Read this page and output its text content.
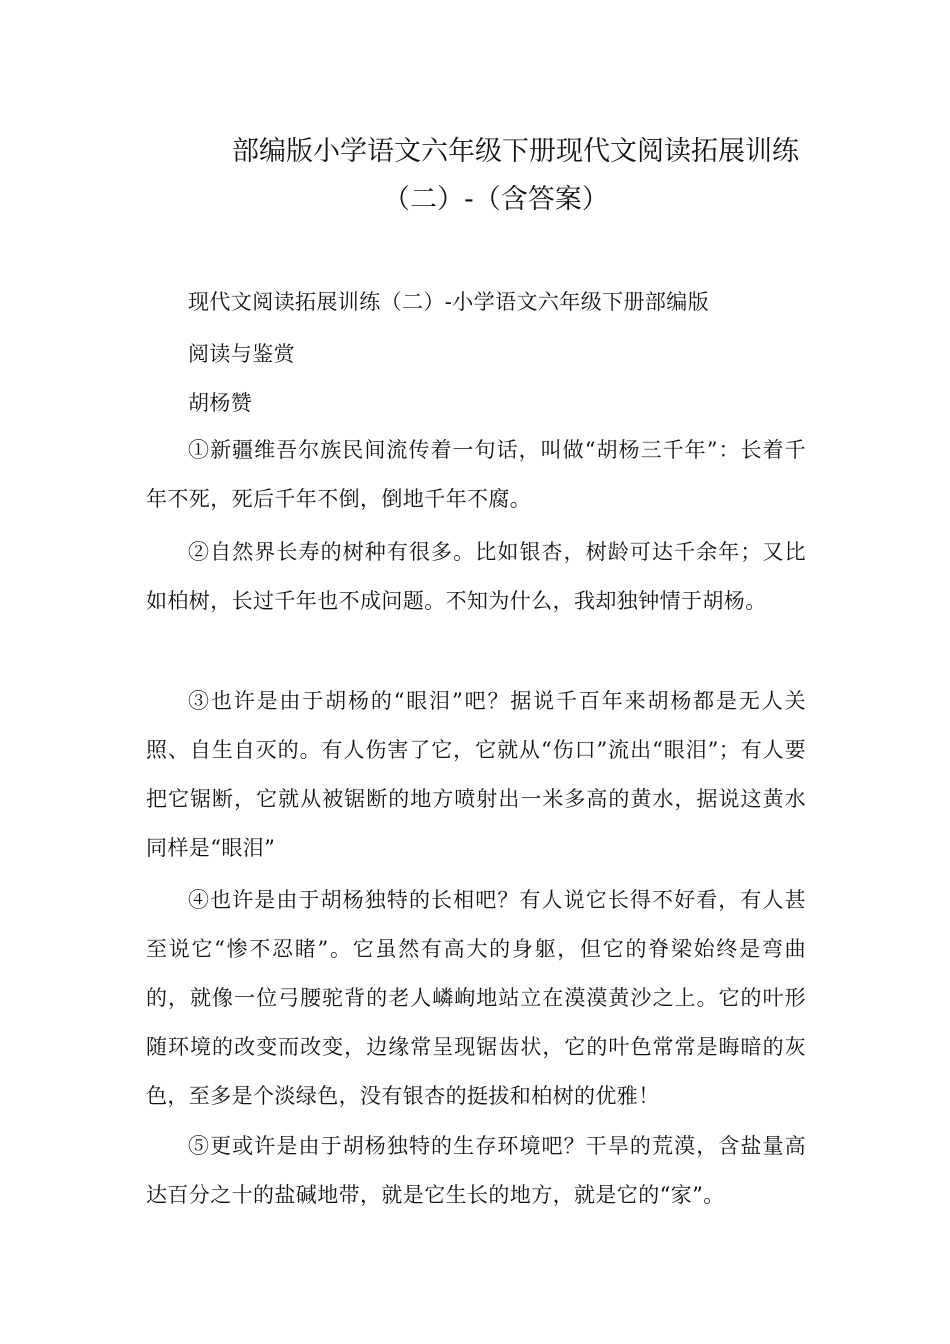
部编版小学语文六年级下册现代文阅读拓展训练
（二）-（含答案）
现代文阅读拓展训练（二）-小学语文六年级下册部编版
阅读与鉴赏
胡杨赞
①新疆维吾尔族民间流传着一句话，叫做“胡杨三千年”：长着千年不死，死后千年不倒，倒地千年不腐。
②自然界长寿的树种有很多。比如银杏，树龄可达千余年；又比如柏树，长过千年也不成问题。不知为什么，我却独钟情于胡杨。
③也许是由于胡杨的“眼泪”吧？据说千百年来胡杨都是无人关照、自生自灭的。有人伤害了它，它就从“伤口”流出“眼泪”；有人要把它锯断，它就从被锯断的地方喷射出一米多高的黄水，据说这黄水同样是“眼泪”
④也许是由于胡杨独特的长相吧？有人说它长得不好看，有人甚至说它“惨不忍睹”。它虽然有高大的身躯，但它的脊梁始终是弯曲的，就像一位弓腰驼背的老人嶙峋地站立在漠漠黄沙之上。它的叶形随环境的改变而改变，边缘常呈现锯齿状，它的叶色常常是晦暗的灰色，至多是个淡绿色，没有银杏的挺拔和柏树的优雅！
⑤更或许是由于胡杨独特的生存环境吧？干旱的荒漠，含盐量高达百分之十的盐碱地带，就是它生长的地方，就是它的“家”。
